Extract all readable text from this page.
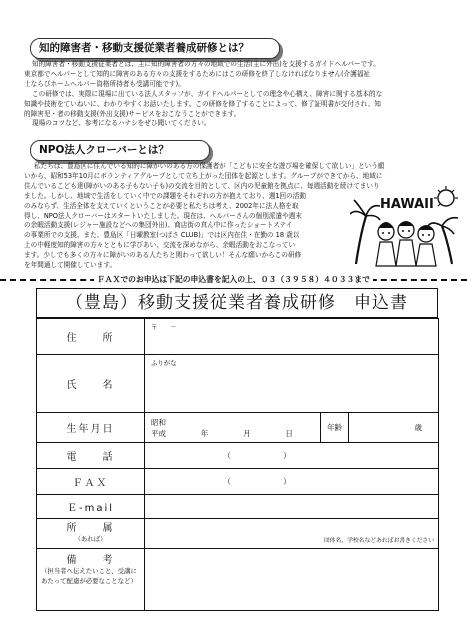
知的障害者・移動支援従業者養成研修とは？
知的障害者・移動支援従業者とは、主に知的障害者の方々の地域での生活(主に外出)を支援するガイドヘルパーです。
東京都でヘルパーとして知的に障害のある方々の支援をするためにはこの研修を終了しなければなりません(介護福祉
士ならびホームヘルパー資格所持者も受講可能です)。
この研修では、実際に現場に出ている法人スタッフが、ガイドヘルパーとしての理念や心構え、障害に関する基本的な
知識や技術をていねいに、わかりやすくお話いたします。この研修を修了することによって、修了証明書が交付され、知
的障害児・者の移動支援(外出支援)サービスをおこなうことができます。
現場のコツなど、参考になるハナシをぜひ聞いてください。
NPO法人クローバーとは？
私たちは、豊島区に住んでいる知的に障がいのある方の保護者が「こどもに安全な遊び場を確保して欲しい」という願
いから、昭和53年10月にボランティアグループとして立ち上がった団体を起源とします。グループができてから、地域に
住んでいるこども達(障がいのある子もない子も)の交流を目的として、区内の児童館を拠点に、毎週活動を続けてまいり
ました。しかし、地域で生活をしていく中での課題をそれぞれの方が抱えており、週1回の活動
のみならず、生活全体を支えていくということが必要と私たちは考え、2002年に法人格を取
得し、NPO法人クローバーはスタートいたしました。現在は、ヘルパーさんの個別派遣や週末
の余暇活動支援(レジャー施設などへの集団外出)、商店街の真ん中に作ったショートステイ
の事業所での支援、また、豊島区「日曜教室(つばさ CLUB)」では区内在住・在勤の 18 歳以
上の中軽度知的障害の方々とともに学びあい、交流を深めながら、余暇活動をおこなってい
ます。少しでも多くの方々に障がいのある人たちと関わって欲しい！そんな願いからこの研修
を年間通して開催しています。
HAWAII
ＦＡＸでのお申込は下記の申込書を記入の上、０３（３９５８）４０３３まで
（豊島）移動支援従業者養成研修　申込書
住　　所	〒　　－		
氏　　名	ふりがな		
生年月日	昭和
平成 年 月 日	年齢	歳
電　　話	（ ）		
ＦＡＸ	（ ）		
Ｅ-mail			

所　　属
（あれば）	団体名、学校名などあればお書きください		

備　　考
（担当者へ伝えたいこと、受講にあたって配慮が必要なことなど）			
